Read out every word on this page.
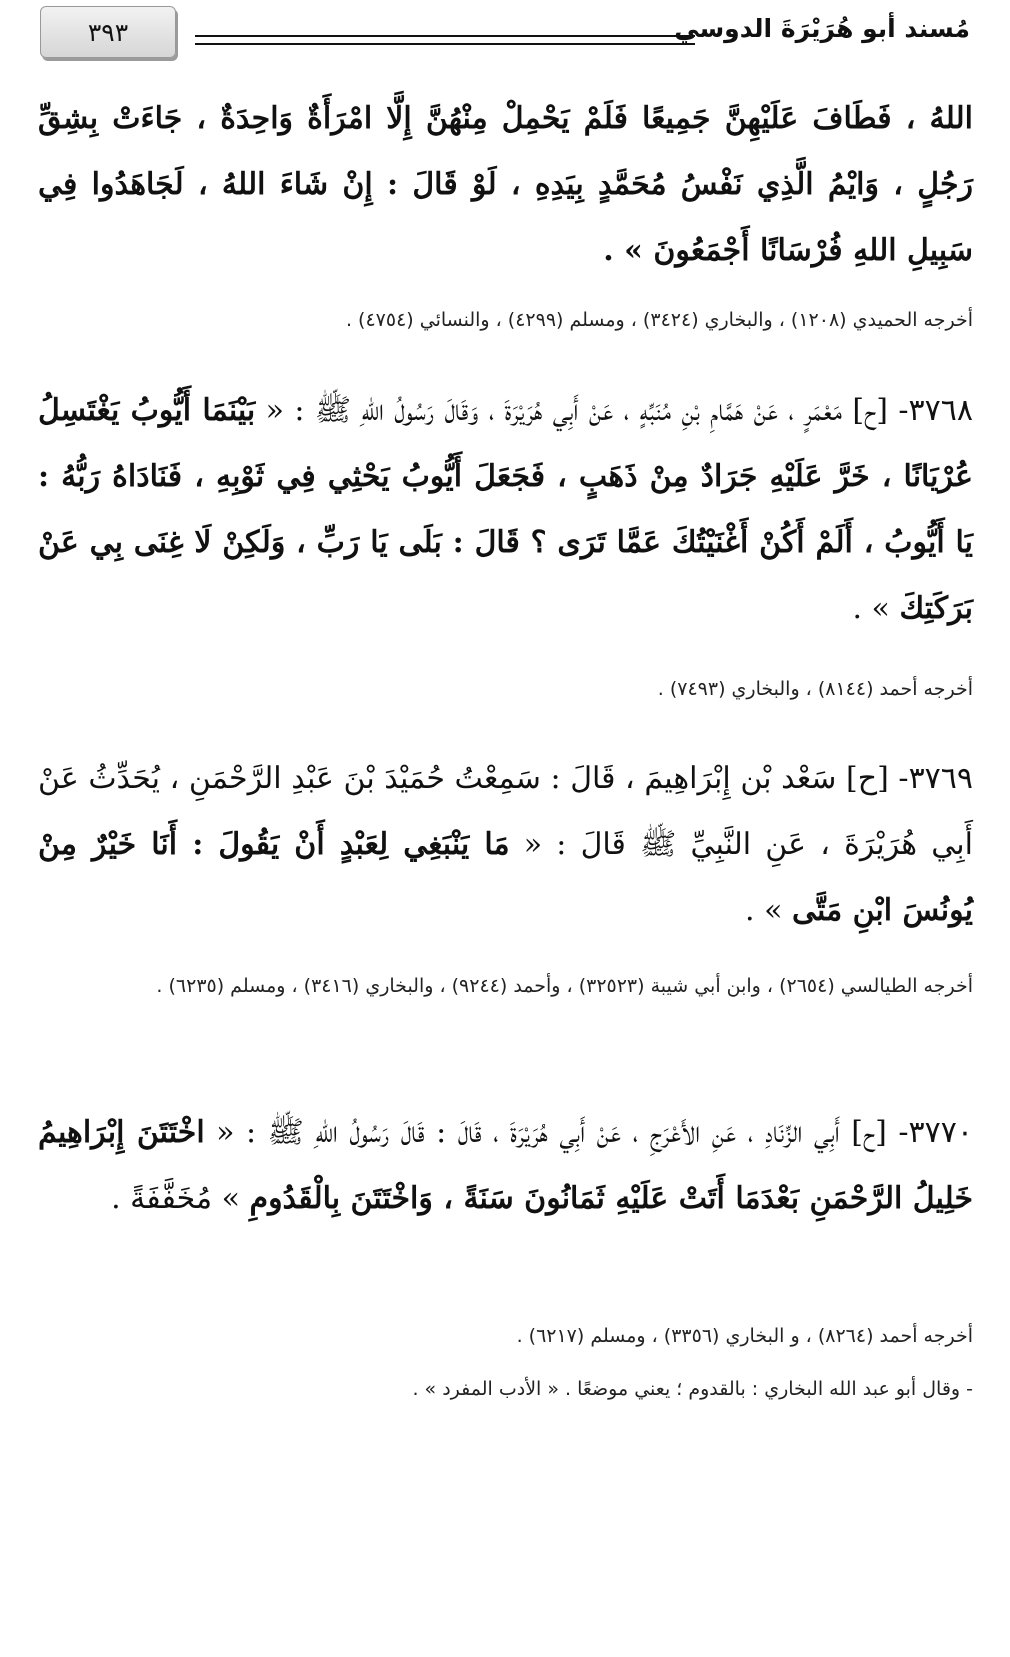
٣٩٣	مُسند أبو هُرَيْرَةَ الدوسي
اللهُ ، فَطَافَ عَلَيْهِنَّ جَمِيعًا فَلَمْ يَحْمِلْ مِنْهُنَّ إِلَّا امْرَأَةٌ وَاحِدَةٌ ، جَاءَتْ بِشِقِّ رَجُلٍ ، وَايْمُ الَّذِي نَفْسُ مُحَمَّدٍ بِيَدِهِ ، لَوْ قَالَ : إِنْ شَاءَ اللهُ ، لَجَاهَدُوا فِي سَبِيلِ اللهِ فُرْسَانًا أَجْمَعُونَ » .
أخرجه الحميدي (١٢٠٨) ، والبخاري (٣٤٢٤) ، ومسلم (٤٢٩٩) ، والنسائي (٤٧٥٤) .
٣٧٦٨- [ح] مَعْمَرٍ ، عَنْ هَمَّامِ بْنِ مُنَبِّهٍ ، عَنْ أَبِي هُرَيْرَةَ ، وَقَالَ رَسُولُ اللهِ ﷺ : « بَيْنَمَا أَيُّوبُ يَغْتَسِلُ عُرْيَانًا ، خَرَّ عَلَيْهِ جَرَادٌ مِنْ ذَهَبٍ ، فَجَعَلَ أَيُّوبُ يَحْثِي فِي ثَوْبِهِ ، فَنَادَاهُ رَبُّهُ : يَا أَيُّوبُ ، أَلَمْ أَكُنْ أَغْنَيْتُكَ عَمَّا تَرَى ؟ قَالَ : بَلَى يَا رَبِّ ، وَلَكِنْ لَا غِنَى بِي عَنْ بَرَكَتِكَ » .
أخرجه أحمد (٨١٤٤) ، والبخاري (٧٤٩٣) .
٣٧٦٩- [ح] سَعْد بْن إِبْرَاهِيمَ ، قَالَ : سَمِعْتُ حُمَيْدَ بْنَ عَبْدِ الرَّحْمَنِ ، يُحَدِّثُ عَنْ أَبِي هُرَيْرَةَ ، عَنِ النَّبِيِّ ﷺ قَالَ : « مَا يَنْبَغِي لِعَبْدٍ أَنْ يَقُولَ : أَنَا خَيْرٌ مِنْ يُونُسَ ابْنِ مَتَّى » .
أخرجه الطيالسي (٢٦٥٤) ، وابن أبي شيبة (٣٢٥٢٣) ، وأحمد (٩٢٤٤) ، والبخاري (٣٤١٦) ، ومسلم (٦٢٣٥) .
٣٧٧٠- [ح] أَبِي الزِّنَادِ ، عَنِ الأَعْرَجِ ، عَنْ أَبِي هُرَيْرَةَ ، قَالَ : قَالَ رَسُولُ اللهِ ﷺ : « اخْتَتَنَ إِبْرَاهِيمُ خَلِيلُ الرَّحْمَنِ بَعْدَمَا أَتَتْ عَلَيْهِ ثَمَانُونَ سَنَةً ، وَاخْتَتَنَ بِالْقَدُومِ » مُخَفَّفَةً .
أخرجه أحمد (٨٢٦٤) ، و البخاري (٣٣٥٦) ، ومسلم (٦٢١٧) .
- وقال أبو عبد الله البخاري : بالقدوم ؛ يعني موضعًا . « الأدب المفرد » .
